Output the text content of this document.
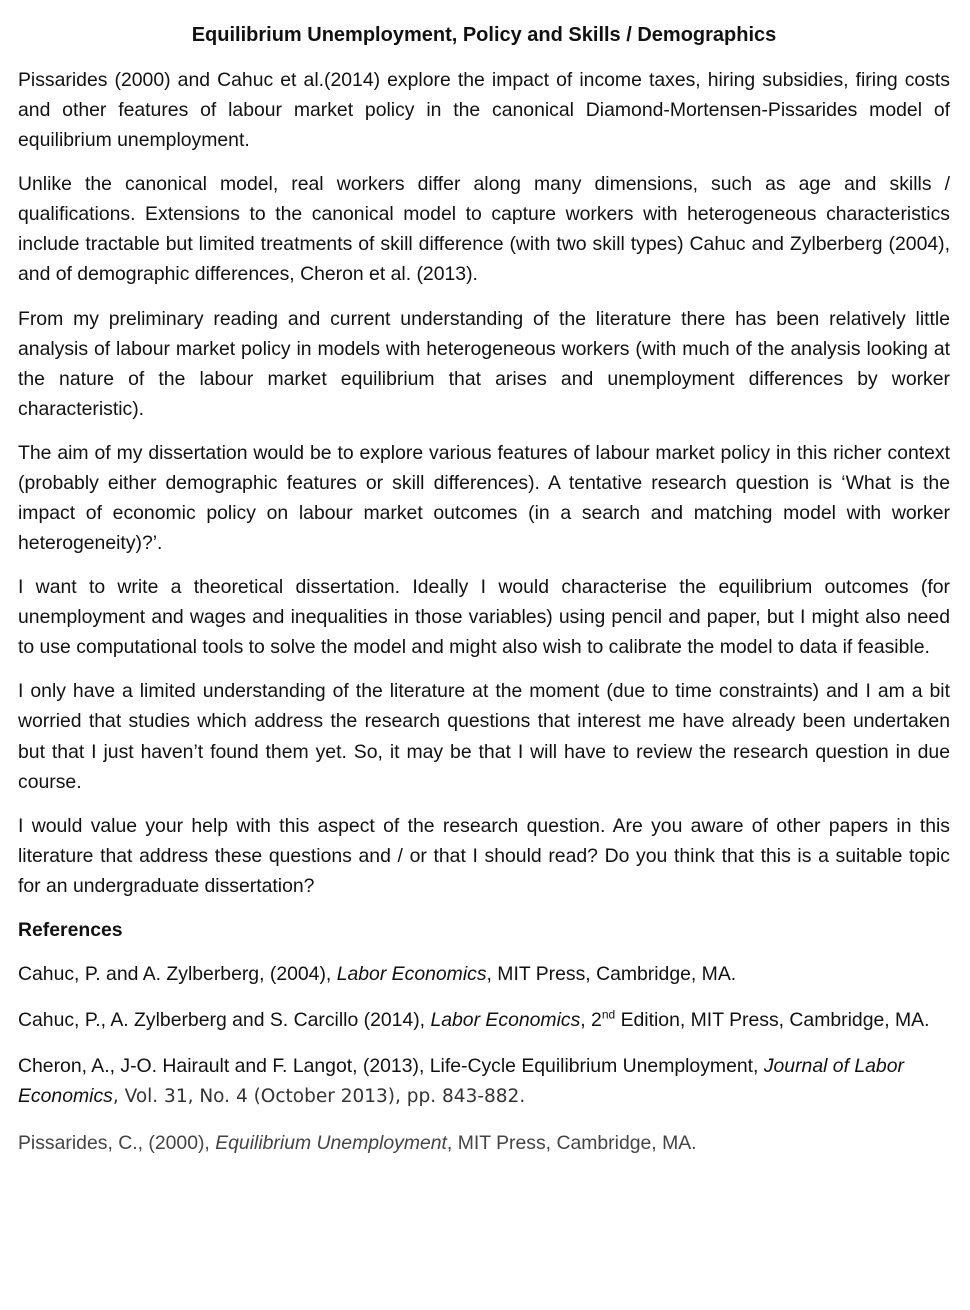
Equilibrium Unemployment, Policy and Skills / Demographics

Pissarides (2000) and Cahuc et al.(2014) explore the impact of income taxes, hiring subsidies, firing costs and other features of labour market policy in the canonical Diamond-Mortensen-Pissarides model of equilibrium unemployment.

Unlike the canonical model, real workers differ along many dimensions, such as age and skills / qualifications. Extensions to the canonical model to capture workers with heterogeneous characteristics include tractable but limited treatments of skill difference (with two skill types) Cahuc and Zylberberg (2004), and of demographic differences, Cheron et al. (2013).

From my preliminary reading and current understanding of the literature there has been relatively little analysis of labour market policy in models with heterogeneous workers (with much of the analysis looking at the nature of the labour market equilibrium that arises and unemployment differences by worker characteristic).

The aim of my dissertation would be to explore various features of labour market policy in this richer context (probably either demographic features or skill differences). A tentative research question is ‘What is the impact of economic policy on labour market outcomes (in a search and matching model with worker heterogeneity)?’.

I want to write a theoretical dissertation. Ideally I would characterise the equilibrium outcomes (for unemployment and wages and inequalities in those variables) using pencil and paper, but I might also need to use computational tools to solve the model and might also wish to calibrate the model to data if feasible.

I only have a limited understanding of the literature at the moment (due to time constraints) and I am a bit worried that studies which address the research questions that interest me have already been undertaken but that I just haven’t found them yet. So, it may be that I will have to review the research question in due course.

I would value your help with this aspect of the research question. Are you aware of other papers in this literature that address these questions and / or that I should read? Do you think that this is a suitable topic for an undergraduate dissertation?

References
Cahuc, P. and A. Zylberberg, (2004), Labor Economics, MIT Press, Cambridge, MA.
Cahuc, P., A. Zylberberg and S. Carcillo (2014), Labor Economics, 2nd Edition, MIT Press, Cambridge, MA.
Cheron, A., J-O. Hairault and F. Langot, (2013), Life-Cycle Equilibrium Unemployment, Journal of Labor Economics, Vol. 31, No. 4 (October 2013), pp. 843-882.
Pissarides, C., (2000), Equilibrium Unemployment, MIT Press, Cambridge, MA.
